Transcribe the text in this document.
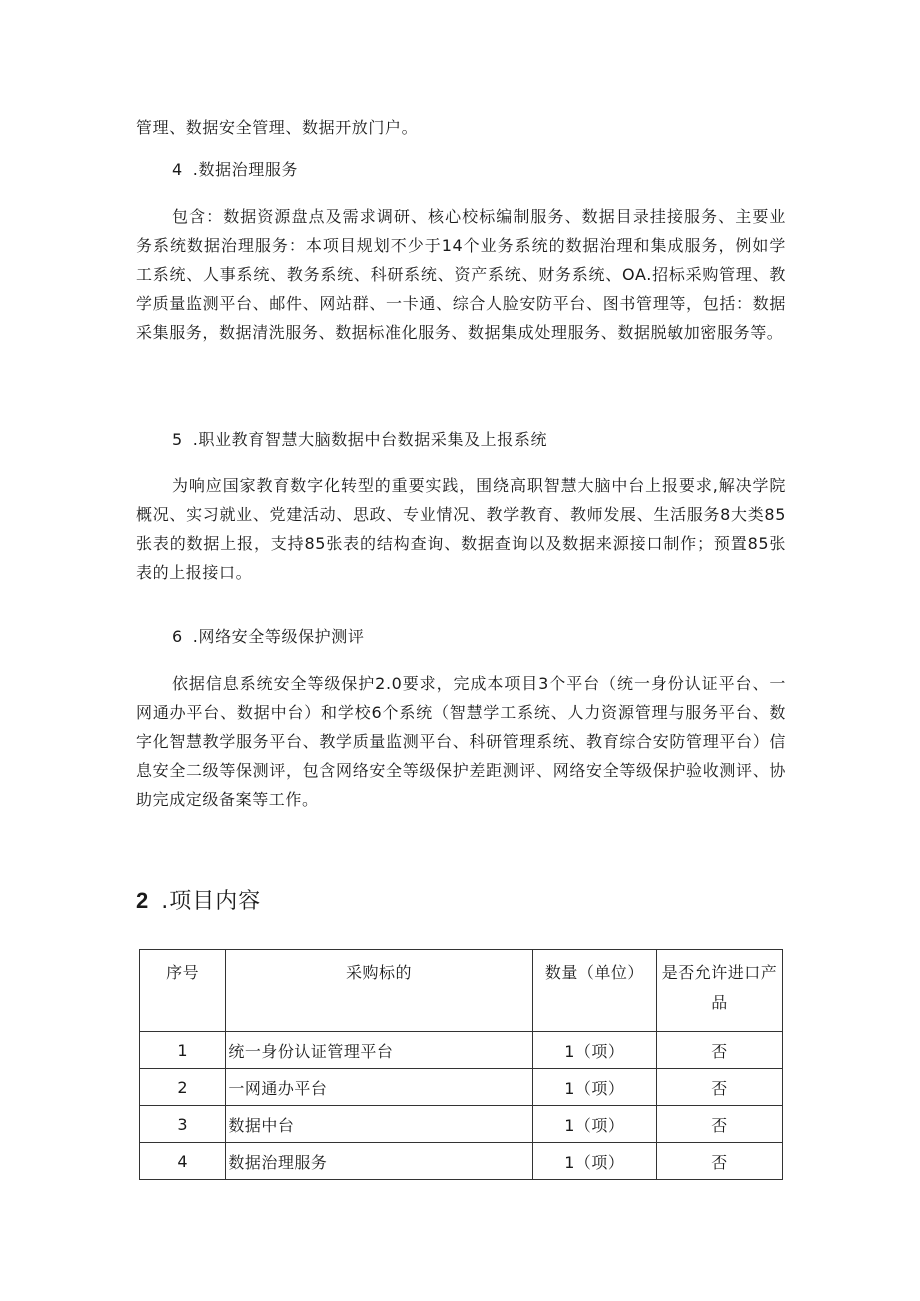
管理、数据安全管理、数据开放门户。

4 .数据治理服务

包含：数据资源盘点及需求调研、核心校标编制服务、数据目录挂接服务、主要业务系统数据治理服务：本项目规划不少于14个业务系统的数据治理和集成服务，例如学工系统、人事系统、教务系统、科研系统、资产系统、财务系统、OA.招标采购管理、教学质量监测平台、邮件、网站群、一卡通、综合人脸安防平台、图书管理等，包括：数据采集服务，数据清洗服务、数据标准化服务、数据集成处理服务、数据脱敏加密服务等。

5 .职业教育智慧大脑数据中台数据采集及上报系统

为响应国家教育数字化转型的重要实践，围绕高职智慧大脑中台上报要求,解决学院概况、实习就业、党建活动、思政、专业情况、教学教育、教师发展、生活服务8大类85张表的数据上报，支持85张表的结构查询、数据查询以及数据来源接口制作；预置85张表的上报接口。

6 .网络安全等级保护测评

依据信息系统安全等级保护2.0要求，完成本项目3个平台（统一身份认证平台、一网通办平台、数据中台）和学校6个系统（智慧学工系统、人力资源管理与服务平台、数字化智慧教学服务平台、教学质量监测平台、科研管理系统、教育综合安防管理平台）信息安全二级等保测评，包含网络安全等级保护差距测评、网络安全等级保护验收测评、协助完成定级备案等工作。

2 .项目内容

序号	采购标的	数量（单位）	是否允许进口产品
1	统一身份认证管理平台	1（项）	否
2	一网通办平台	1（项）	否
3	数据中台	1（项）	否
4	数据治理服务	1（项）	否
